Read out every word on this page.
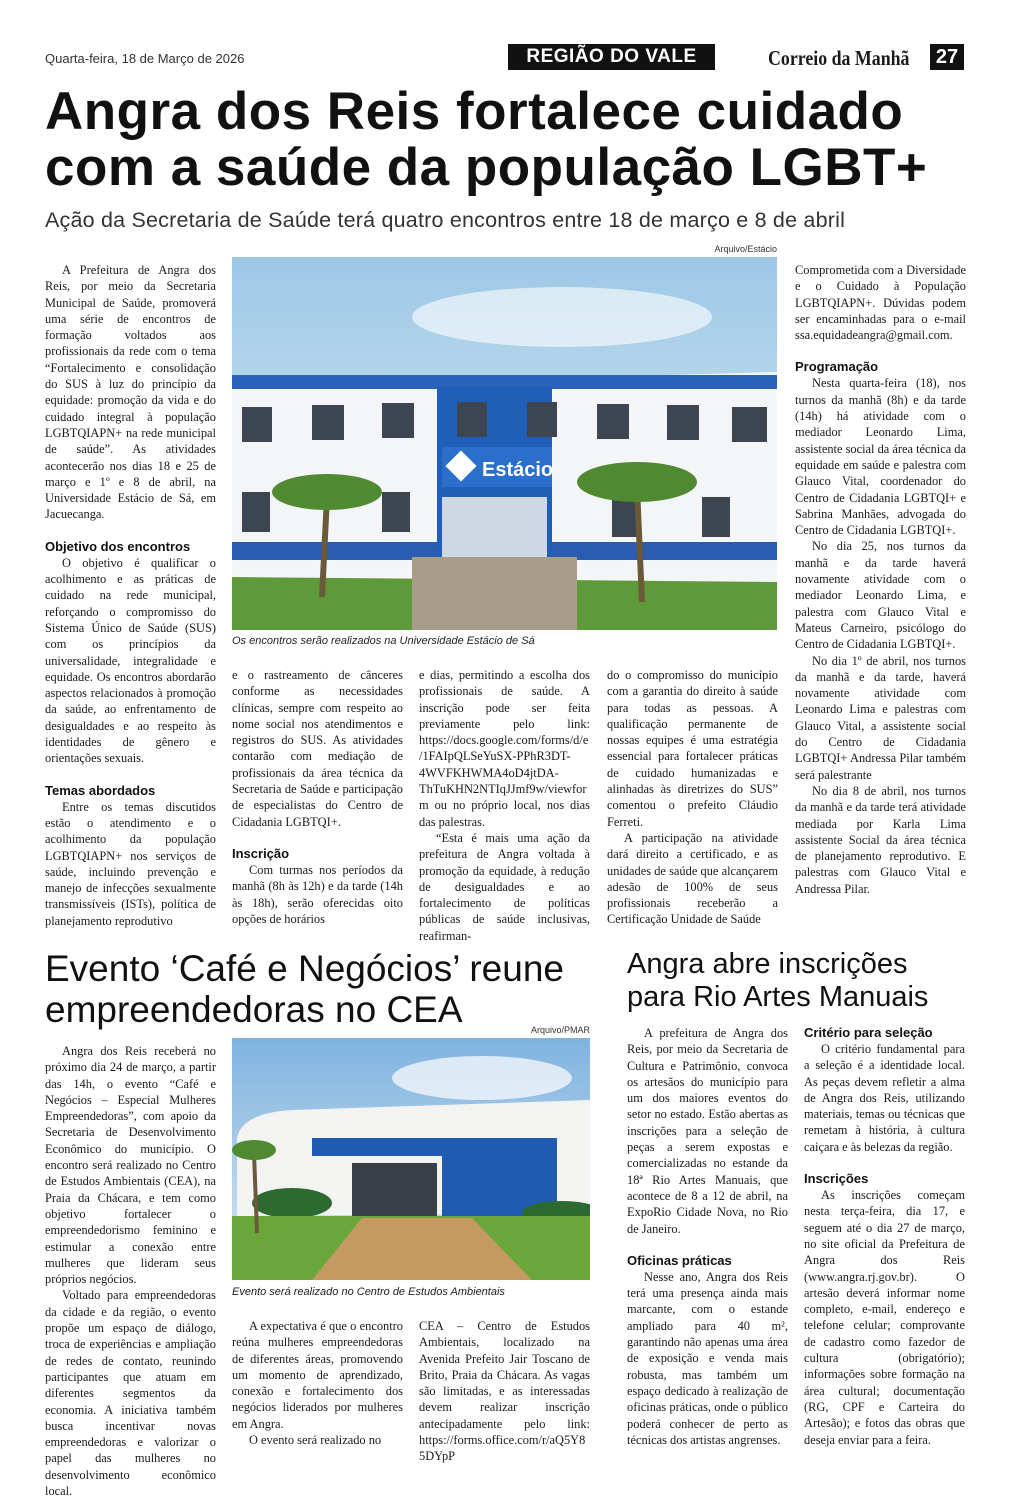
Quarta-feira, 18 de Março de 2026	REGIÃO DO VALE	Correio da Manhã 27
Angra dos Reis fortalece cuidado
com a saúde da população LGBT+
Ação da Secretaria de Saúde terá quatro encontros entre 18 de março e 8 de abril
Arquivo/Estácio
Estácio
Os encontros serão realizados na Universidade Estácio de Sá

A Prefeitura de Angra dos Reis, por meio da Secretaria Municipal de Saúde, promoverá uma série de encontros de formação voltados aos profissionais da rede com o tema “Fortalecimento e consolidação do SUS à luz do princípio da equidade: promoção da vida e do cuidado integral à população LGBTQIAPN+ na rede municipal de saúde”. As atividades acontecerão nos dias 18 e 25 de março e 1º e 8 de abril, na Universidade Estácio de Sá, em Jacuecanga.

Objetivo dos encontros

O objetivo é qualificar o acolhimento e as práticas de cuidado na rede municipal, reforçando o compromisso do Sistema Único de Saúde (SUS) com os princípios da universalidade, integralidade e equidade. Os encontros abordarão aspectos relacionados à promoção da saúde, ao enfrentamento de desigualdades e ao respeito às identidades de gênero e orientações sexuais.

Temas abordados

Entre os temas discutidos estão o atendimento e o acolhimento da população LGBTQIAPN+ nos serviços de saúde, incluindo prevenção e manejo de infecções sexualmente transmissíveis (ISTs), política de planejamento reprodutivo

e o rastreamento de cânceres conforme as necessidades clínicas, sempre com respeito ao nome social nos atendimentos e registros do SUS. As atividades contarão com mediação de profissionais da área técnica da Secretaria de Saúde e participação de especialistas do Centro de Cidadania LGBTQI+.

Inscrição

Com turmas nos períodos da manhã (8h às 12h) e da tarde (14h às 18h), serão oferecidas oito opções de horários

e dias, permitindo a escolha dos profissionais de saúde. A inscrição pode ser feita previamente pelo link: https://docs.google.com/forms/d/e/1FAIpQLSeYuSX-PPhR3DT-4WVFKHWMA4oD4jtDA-ThTuKHN2NTIqJJmf9w/viewform ou no próprio local, nos dias das palestras.

“Esta é mais uma ação da prefeitura de Angra voltada à promoção da equidade, à redução de desigualdades e ao fortalecimento de políticas públicas de saúde inclusivas, reafirman-

do o compromisso do município com a garantia do direito à saúde para todas as pessoas. A qualificação permanente de nossas equipes é uma estratégia essencial para fortalecer práticas de cuidado humanizadas e alinhadas às diretrizes do SUS” comentou o prefeito Cláudio Ferreti.

A participação na atividade dará direito a certificado, e as unidades de saúde que alcançarem adesão de 100% de seus profissionais receberão a Certificação Unidade de Saúde

Comprometida com a Diversidade e o Cuidado à População LGBTQIAPN+. Dúvidas podem ser encaminhadas para o e-mail ssa.equidadeangra@gmail.com.

Programação

Nesta quarta-feira (18), nos turnos da manhã (8h) e da tarde (14h) há atividade com o mediador Leonardo Lima, assistente social da área técnica da equidade em saúde e palestra com Glauco Vital, coordenador do Centro de Cidadania LGBTQI+ e Sabrina Manhães, advogada do Centro de Cidadania LGBTQI+.

No dia 25, nos turnos da manhã e da tarde haverá novamente atividade com o mediador Leonardo Lima, e palestra com Glauco Vital e Mateus Carneiro, psicólogo do Centro de Cidadania LGBTQI+.

No dia 1º de abril, nos turnos da manhã e da tarde, haverá novamente atividade com Leonardo Lima e palestras com Glauco Vital, a assistente social do Centro de Cidadania LGBTQI+ Andressa Pilar também será palestrante

No dia 8 de abril, nos turnos da manhã e da tarde terá atividade mediada por Karla Lima assistente Social da área técnica de planejamento reprodutivo. E palestras com Glauco Vital e Andressa Pilar.

Evento ‘Café e Negócios’ reune empreendedoras no CEA	Arquivo/PMAR
Evento será realizado no Centro de Estudos Ambientais

Angra dos Reis receberá no próximo dia 24 de março, a partir das 14h, o evento “Café e Negócios – Especial Mulheres Empreendedoras”, com apoio da Secretaria de Desenvolvimento Econômico do município. O encontro será realizado no Centro de Estudos Ambientais (CEA), na Praia da Chácara, e tem como objetivo fortalecer o empreendedorismo feminino e estimular a conexão entre mulheres que lideram seus próprios negócios.

Voltado para empreendedoras da cidade e da região, o evento propõe um espaço de diálogo, troca de experiências e ampliação de redes de contato, reunindo participantes que atuam em diferentes segmentos da economia. A iniciativa também busca incentivar novas empreendedoras e valorizar o papel das mulheres no desenvolvimento econômico local.

A expectativa é que o encontro reúna mulheres empreendedoras de diferentes áreas, promovendo um momento de aprendizado, conexão e fortalecimento dos negócios liderados por mulheres em Angra.

O evento será realizado no

CEA – Centro de Estudos Ambientais, localizado na Avenida Prefeito Jair Toscano de Brito, Praia da Chácara. As vagas são limitadas, e as interessadas devem realizar inscrição antecipadamente pelo link: https://forms.office.com/r/aQ5Y85DYpP

Angra abre inscrições para Rio Artes Manuais

A prefeitura de Angra dos Reis, por meio da Secretaria de Cultura e Patrimônio, convoca os artesãos do município para um dos maiores eventos do setor no estado. Estão abertas as inscrições para a seleção de peças a serem expostas e comercializadas no estande da 18ª Rio Artes Manuais, que acontece de 8 a 12 de abril, na ExpoRio Cidade Nova, no Rio de Janeiro.

Oficinas práticas

Nesse ano, Angra dos Reis terá uma presença ainda mais marcante, com o estande ampliado para 40 m², garantindo não apenas uma área de exposição e venda mais robusta, mas também um espaço dedicado à realização de oficinas práticas, onde o público poderá conhecer de perto as técnicas dos artistas angrenses.

Critério para seleção

O critério fundamental para a seleção é a identidade local. As peças devem refletir a alma de Angra dos Reis, utilizando materiais, temas ou técnicas que remetam à história, à cultura caiçara e às belezas da região.

Inscrições

As inscrições começam nesta terça-feira, dia 17, e seguem até o dia 27 de março, no site oficial da Prefeitura de Angra dos Reis (www.angra.rj.gov.br). O artesão deverá informar nome completo, e-mail, endereço e telefone celular; comprovante de cadastro como fazedor de cultura (obrigatório); informações sobre formação na área cultural; documentação (RG, CPF e Carteira do Artesão); e fotos das obras que deseja enviar para a feira.
